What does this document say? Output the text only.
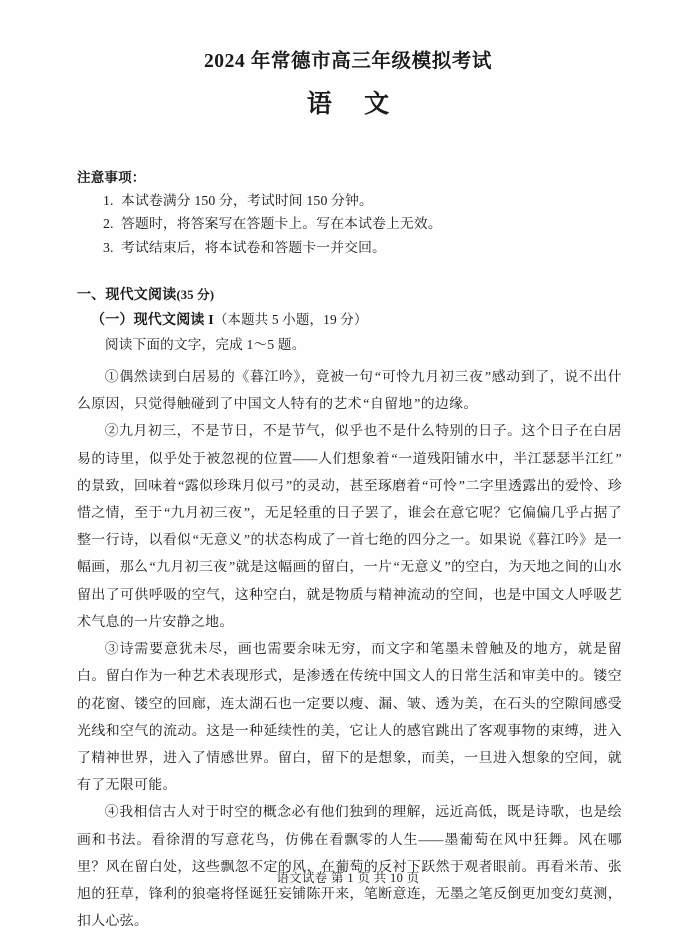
2024 年常德市高三年级模拟考试
语 文

注意事项：

1. 本试卷满分 150 分，考试时间 150 分钟。

2. 答题时，将答案写在答题卡上。写在本试卷上无效。

3. 考试结束后，将本试卷和答题卡一并交回。

一、现代文阅读(35 分)

（一）现代文阅读 I（本题共 5 小题，19 分）

阅读下面的文字，完成 1～5 题。

①偶然读到白居易的《暮江吟》，竟被一句“可怜九月初三夜”感动到了，说不出什么原因，只觉得触碰到了中国文人特有的艺术“自留地”的边缘。

②九月初三，不是节日，不是节气，似乎也不是什么特别的日子。这个日子在白居易的诗里，似乎处于被忽视的位置——人们想象着“一道残阳铺水中，半江瑟瑟半江红”的景致，回味着“露似珍珠月似弓”的灵动，甚至琢磨着“可怜”二字里透露出的爱怜、珍惜之情，至于“九月初三夜”，无足轻重的日子罢了，谁会在意它呢？它偏偏几乎占据了整一行诗，以看似“无意义”的状态构成了一首七绝的四分之一。如果说《暮江吟》是一幅画，那么“九月初三夜”就是这幅画的留白，一片“无意义”的空白，为天地之间的山水留出了可供呼吸的空气，这种空白，就是物质与精神流动的空间，也是中国文人呼吸艺术气息的一片安静之地。

③诗需要意犹未尽，画也需要余味无穷，而文字和笔墨未曾触及的地方，就是留白。留白作为一种艺术表现形式，是渗透在传统中国文人的日常生活和审美中的。镂空的花窗、镂空的回廊，连太湖石也一定要以瘦、漏、皱、透为美，在石头的空隙间感受光线和空气的流动。这是一种延续性的美，它让人的感官跳出了客观事物的束缚，进入了精神世界，进入了情感世界。留白，留下的是想象，而美，一旦进入想象的空间，就有了无限可能。

④我相信古人对于时空的概念必有他们独到的理解，远近高低，既是诗歌，也是绘画和书法。看徐渭的写意花鸟，仿佛在看飘零的人生——墨葡萄在风中狂舞。风在哪里？风在留白处，这些飘忽不定的风，在葡萄的反衬下跃然于观者眼前。再看米芾、张旭的狂草，锋利的狼毫将怪诞狂妄铺陈开来，笔断意连，无墨之笔反倒更加变幻莫测，扣人心弦。

语文试卷 第 1 页 共 10 页
